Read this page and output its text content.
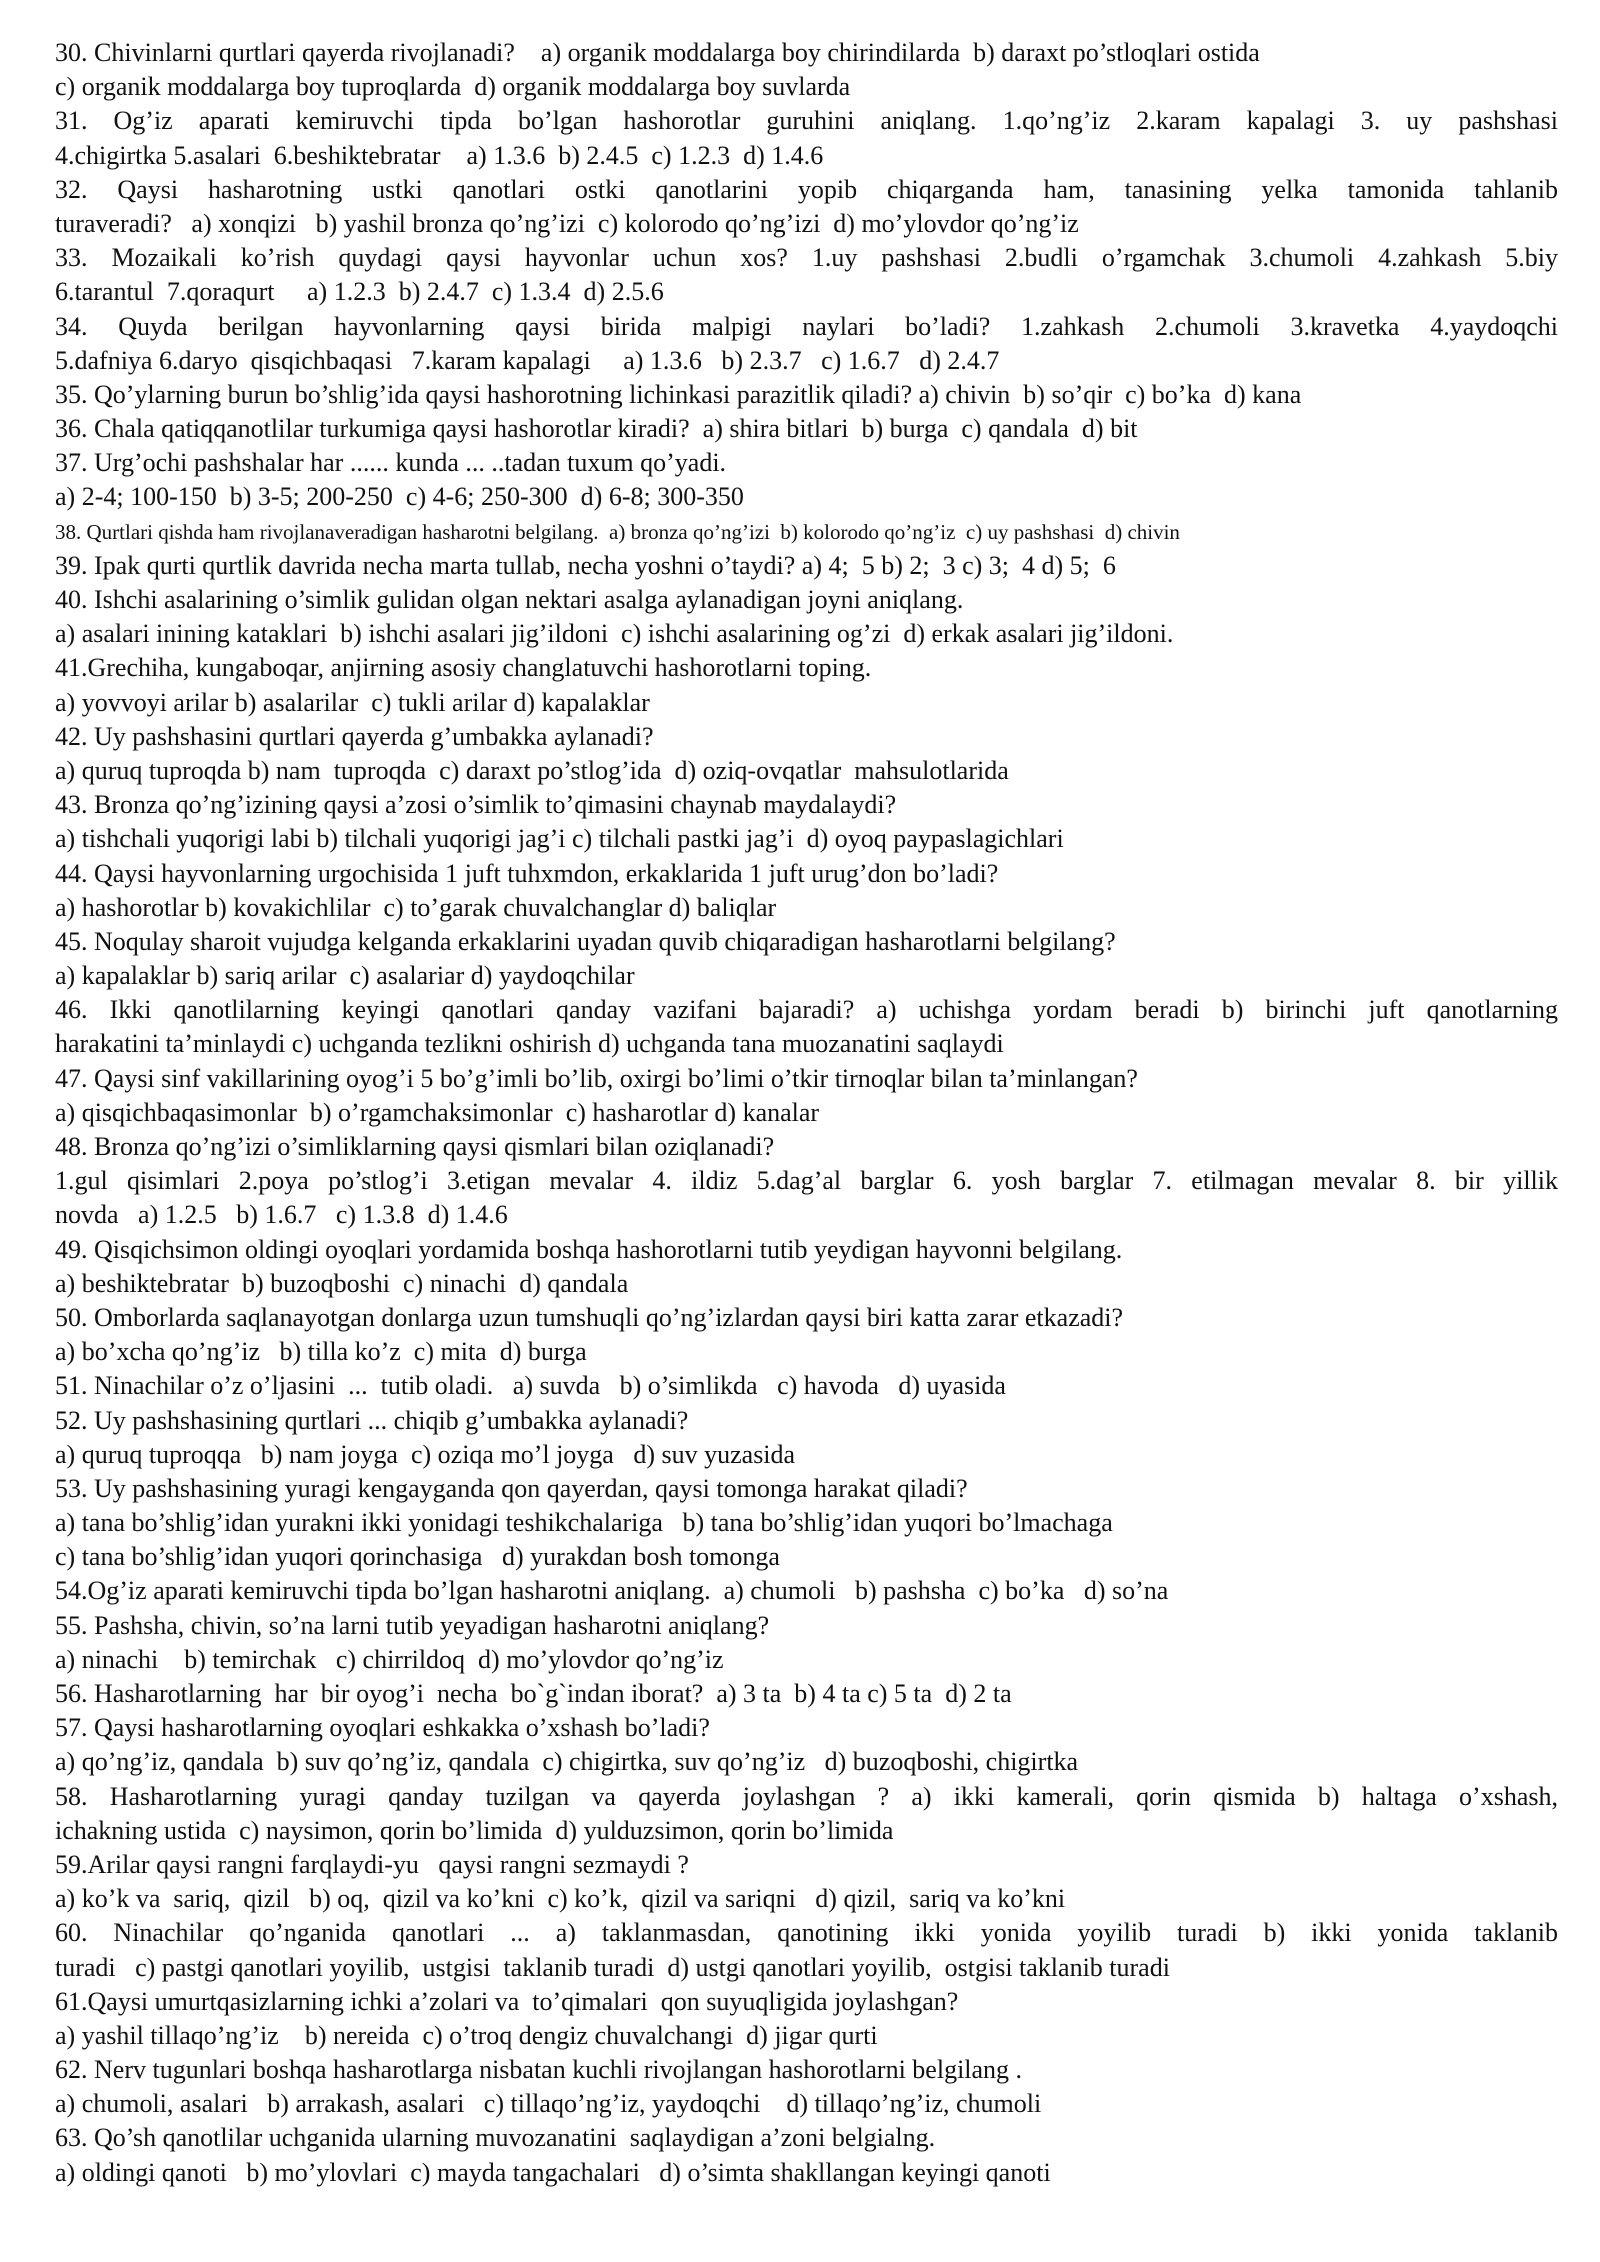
30. Chivinlarni qurtlari qayerda rivojlanadi?    a) organik moddalarga boy chirindilarda  b) daraxt po’stloqlari ostida
c) organik moddalarga boy tuproqlarda  d) organik moddalarga boy suvlarda
31. Og’iz aparati kemiruvchi tipda bo’lgan hashorotlar guruhini aniqlang. 1.qo’ng’iz 2.karam kapalagi 3. uy pashshasi
4.chigirtka 5.asalari  6.beshiktebratar    a) 1.3.6  b) 2.4.5  c) 1.2.3  d) 1.4.6
32. Qaysi hasharotning ustki qanotlari ostki qanotlarini yopib chiqarganda ham, tanasining yelka tamonida tahlanib
turaveradi?   a) xonqizi   b) yashil bronza qo’ng’izi  c) kolorodo qo’ng’izi  d) mo’ylovdor qo’ng’iz
33. Mozaikali ko’rish quydagi qaysi hayvonlar uchun xos? 1.uy pashshasi 2.budli o’rgamchak 3.chumoli 4.zahkash 5.biy
6.tarantul  7.qoraqurt     a) 1.2.3  b) 2.4.7  c) 1.3.4  d) 2.5.6
34. Quyda berilgan hayvonlarning qaysi birida malpigi naylari bo’ladi? 1.zahkash 2.chumoli 3.kravetka 4.yaydoqchi
5.dafniya 6.daryo  qisqichbaqasi   7.karam kapalagi     a) 1.3.6   b) 2.3.7   c) 1.6.7   d) 2.4.7
35. Qo’ylarning burun bo’shlig’ida qaysi hashorotning lichinkasi parazitlik qiladi? a) chivin  b) so’qir  c) bo’ka  d) kana
36. Chala qatiqqanotlilar turkumiga qaysi hashorotlar kiradi?  a) shira bitlari  b) burga  c) qandala  d) bit
37. Urg’ochi pashshalar har ...... kunda ... ..tadan tuxum qo’yadi.
a) 2-4; 100-150  b) 3-5; 200-250  c) 4-6; 250-300  d) 6-8; 300-350
38. Qurtlari qishda ham rivojlanaveradigan hasharotni belgilang.  a) bronza qo’ng’izi  b) kolorodo qo’ng’iz  c) uy pashshasi  d) chivin
39. Ipak qurti qurtlik davrida necha marta tullab, necha yoshni o’taydi? a) 4;  5 b) 2;  3 c) 3;  4 d) 5;  6
40. Ishchi asalarining o’simlik gulidan olgan nektari asalga aylanadigan joyni aniqlang.
a) asalari inining kataklari  b) ishchi asalari jig’ildoni  c) ishchi asalarining og’zi  d) erkak asalari jig’ildoni.
41.Grechiha, kungaboqar, anjirning asosiy changlatuvchi hashorotlarni toping.
a) yovvoyi arilar b) asalarilar  c) tukli arilar d) kapalaklar
42. Uy pashshasini qurtlari qayerda g’umbakka aylanadi?
a) quruq tuproqda b) nam  tuproqda  c) daraxt po’stlog’ida  d) oziq-ovqatlar  mahsulotlarida
43. Bronza qo’ng’izining qaysi a’zosi o’simlik to’qimasini chaynab maydalaydi?
a) tishchali yuqorigi labi b) tilchali yuqorigi jag’i c) tilchali pastki jag’i  d) oyoq paypaslagichlari
44. Qaysi hayvonlarning urgochisida 1 juft tuhxmdon, erkaklarida 1 juft urug’don bo’ladi?
a) hashorotlar b) kovakichlilar  c) to’garak chuvalchanglar d) baliqlar
45. Noqulay sharoit vujudga kelganda erkaklarini uyadan quvib chiqaradigan hasharotlarni belgilang?
a) kapalaklar b) sariq arilar  c) asalariar d) yaydoqchilar
46. Ikki qanotlilarning keyingi qanotlari qanday vazifani bajaradi? a) uchishga yordam beradi b) birinchi juft qanotlarning
harakatini ta’minlaydi c) uchganda tezlikni oshirish d) uchganda tana muozanatini saqlaydi
47. Qaysi sinf vakillarining oyog’i 5 bo’g’imli bo’lib, oxirgi bo’limi o’tkir tirnoqlar bilan ta’minlangan?
a) qisqichbaqasimonlar  b) o’rgamchaksimonlar  c) hasharotlar d) kanalar
48. Bronza qo’ng’izi o’simliklarning qaysi qismlari bilan oziqlanadi?
1.gul qisimlari 2.poya po’stlog’i 3.etigan mevalar 4. ildiz 5.dag’al barglar 6. yosh barglar 7. etilmagan mevalar 8. bir yillik
novda   a) 1.2.5   b) 1.6.7   c) 1.3.8  d) 1.4.6
49. Qisqichsimon oldingi oyoqlari yordamida boshqa hashorotlarni tutib yeydigan hayvonni belgilang.
a) beshiktebratar  b) buzoqboshi  c) ninachi  d) qandala
50. Omborlarda saqlanayotgan donlarga uzun tumshuqli qo’ng’izlardan qaysi biri katta zarar etkazadi?
a) bo’xcha qo’ng’iz   b) tilla ko’z  c) mita  d) burga
51. Ninachilar o’z o’ljasini  ...  tutib oladi.   a) suvda   b) o’simlikda   c) havoda   d) uyasida
52. Uy pashshasining qurtlari ... chiqib g’umbakka aylanadi?
a) quruq tuproqqa   b) nam joyga  c) oziqa mo’l joyga   d) suv yuzasida
53. Uy pashshasining yuragi kengayganda qon qayerdan, qaysi tomonga harakat qiladi?
a) tana bo’shlig’idan yurakni ikki yonidagi teshikchalariga   b) tana bo’shlig’idan yuqori bo’lmachaga
c) tana bo’shlig’idan yuqori qorinchasiga   d) yurakdan bosh tomonga
54.Og’iz aparati kemiruvchi tipda bo’lgan hasharotni aniqlang.  a) chumoli   b) pashsha  c) bo’ka   d) so’na
55. Pashsha, chivin, so’na larni tutib yeyadigan hasharotni aniqlang?
a) ninachi    b) temirchak   c) chirrildoq  d) mo’ylovdor qo’ng’iz
56. Hasharotlarning  har  bir oyog’i  necha  bo`g`indan iborat?  a) 3 ta  b) 4 ta c) 5 ta  d) 2 ta
57. Qaysi hasharotlarning oyoqlari eshkakka o’xshash bo’ladi?
a) qo’ng’iz, qandala  b) suv qo’ng’iz, qandala  c) chigirtka, suv qo’ng’iz   d) buzoqboshi, chigirtka
58. Hasharotlarning yuragi qanday tuzilgan va qayerda joylashgan ? a) ikki kamerali, qorin qismida b) haltaga o’xshash,
ichakning ustida  c) naysimon, qorin bo’limida  d) yulduzsimon, qorin bo’limida
59.Arilar qaysi rangni farqlaydi-yu   qaysi rangni sezmaydi ?
a) ko’k va  sariq,  qizil   b) oq,  qizil va ko’kni  c) ko’k,  qizil va sariqni   d) qizil,  sariq va ko’kni
60. Ninachilar qo’nganida qanotlari ... a) taklanmasdan, qanotining ikki yonida yoyilib turadi b) ikki yonida taklanib
turadi   c) pastgi qanotlari yoyilib,  ustgisi  taklanib turadi  d) ustgi qanotlari yoyilib,  ostgisi taklanib turadi
61.Qaysi umurtqasizlarning ichki a’zolari va  to’qimalari  qon suyuqligida joylashgan?
a) yashil tillaqo’ng’iz    b) nereida  c) o’troq dengiz chuvalchangi  d) jigar qurti
62. Nerv tugunlari boshqa hasharotlarga nisbatan kuchli rivojlangan hashorotlarni belgilang .
a) chumoli, asalari   b) arrakash, asalari   c) tillaqo’ng’iz, yaydoqchi    d) tillaqo’ng’iz, chumoli
63. Qo’sh qanotlilar uchganida ularning muvozanatini  saqlaydigan a’zoni belgialng.
a) oldingi qanoti   b) mo’ylovlari  c) mayda tangachalari   d) o’simta shakllangan keyingi qanoti
